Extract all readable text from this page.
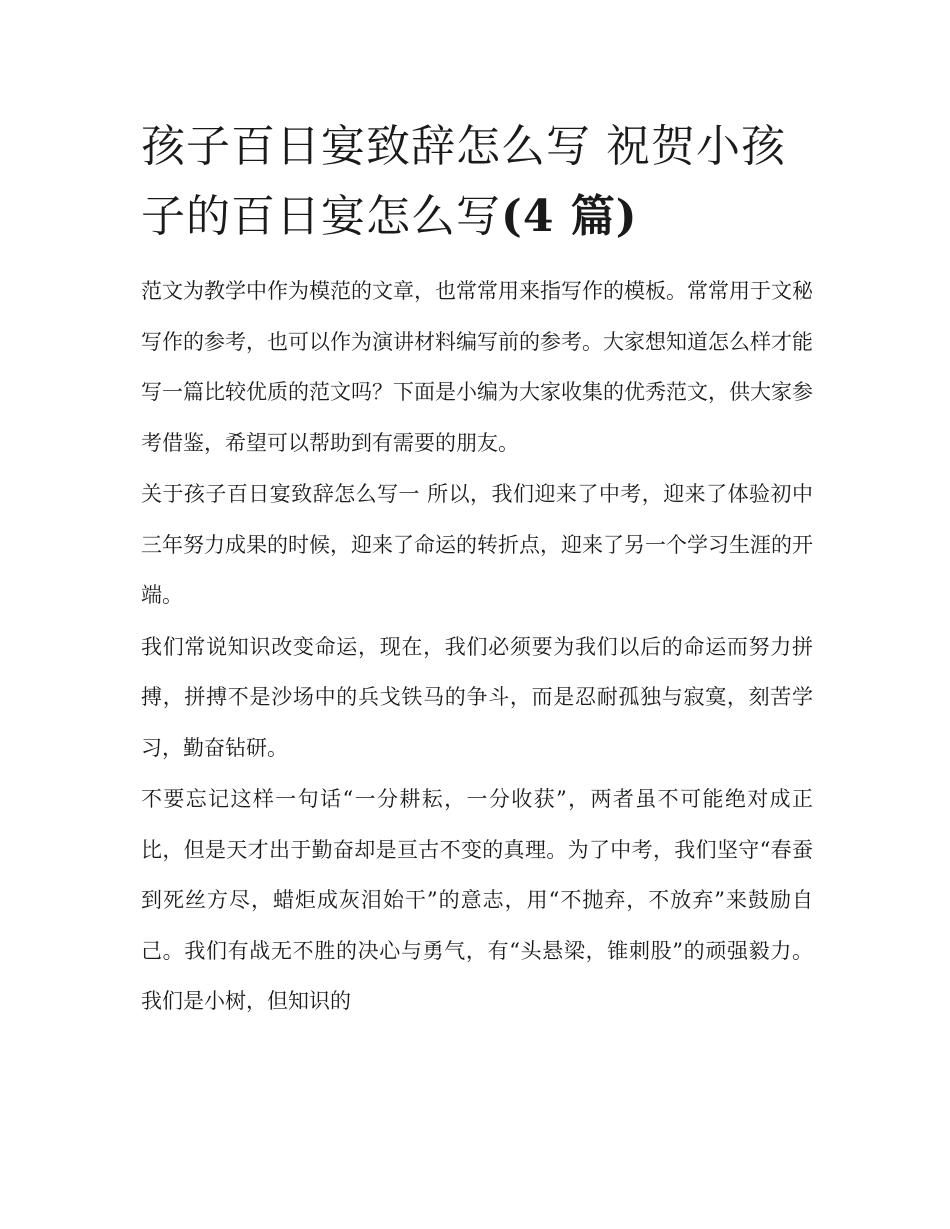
孩子百日宴致辞怎么写 祝贺小孩子的百日宴怎么写(4 篇)

范文为教学中作为模范的文章，也常常用来指写作的模板。常常用于文秘写作的参考，也可以作为演讲材料编写前的参考。大家想知道怎么样才能写一篇比较优质的范文吗？下面是小编为大家收集的优秀范文，供大家参考借鉴，希望可以帮助到有需要的朋友。

关于孩子百日宴致辞怎么写一 所以，我们迎来了中考，迎来了体验初中三年努力成果的时候，迎来了命运的转折点，迎来了另一个学习生涯的开端。

我们常说知识改变命运，现在，我们必须要为我们以后的命运而努力拼搏，拼搏不是沙场中的兵戈铁马的争斗，而是忍耐孤独与寂寞，刻苦学习，勤奋钻研。

不要忘记这样一句话“一分耕耘，一分收获”，两者虽不可能绝对成正比，但是天才出于勤奋却是亘古不变的真理。为了中考，我们坚守“春蚕到死丝方尽，蜡炬成灰泪始干”的意志，用“不抛弃，不放弃”来鼓励自己。我们有战无不胜的决心与勇气，有“头悬梁，锥刺股”的顽强毅力。我们是小树，但知识的
